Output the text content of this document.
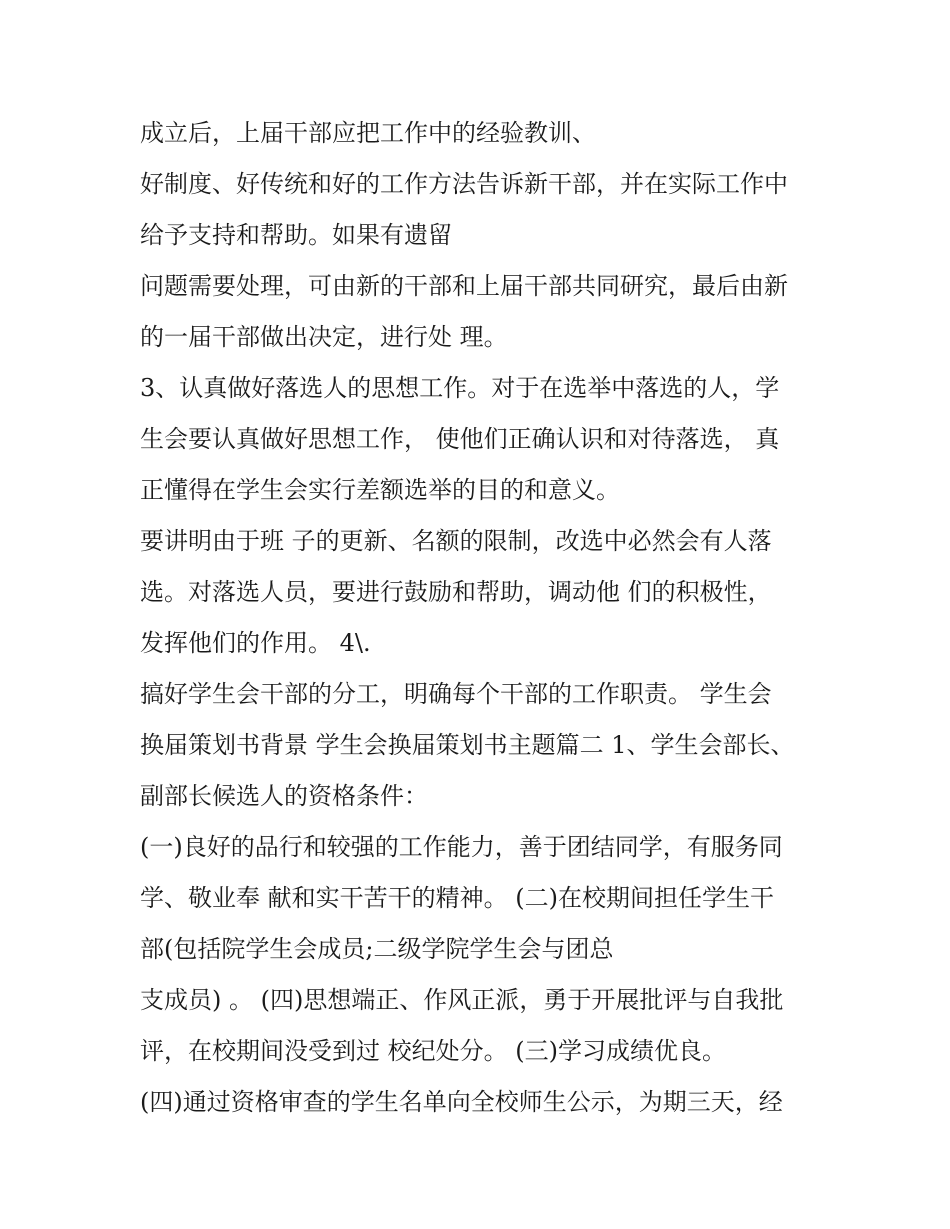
成立后，上届干部应把工作中的经验教训、
好制度、好传统和好的工作方法告诉新干部，并在实际工作中
给予支持和帮助。如果有遗留
问题需要处理，可由新的干部和上届干部共同研究，最后由新
的一届干部做出决定，进行处 理。
3、认真做好落选人的思想工作。对于在选举中落选的人，学
生会要认真做好思想工作， 使他们正确认识和对待落选， 真
正懂得在学生会实行差额选举的目的和意义。
要讲明由于班 子的更新、名额的限制，改选中必然会有人落
选。对落选人员，要进行鼓励和帮助，调动他 们的积极性，
发挥他们的作用。 4\.
搞好学生会干部的分工，明确每个干部的工作职责。 学生会
换届策划书背景 学生会换届策划书主题篇二 1、学生会部长、
副部长候选人的资格条件：
(一)良好的品行和较强的工作能力，善于团结同学，有服务同
学、敬业奉 献和实干苦干的精神。 (二)在校期间担任学生干
部(包括院学生会成员;二级学院学生会与团总
支成员) 。 (四)思想端正、作风正派，勇于开展批评与自我批
评，在校期间没受到过 校纪处分。 (三)学习成绩优良。
(四)通过资格审查的学生名单向全校师生公示，为期三天，经
